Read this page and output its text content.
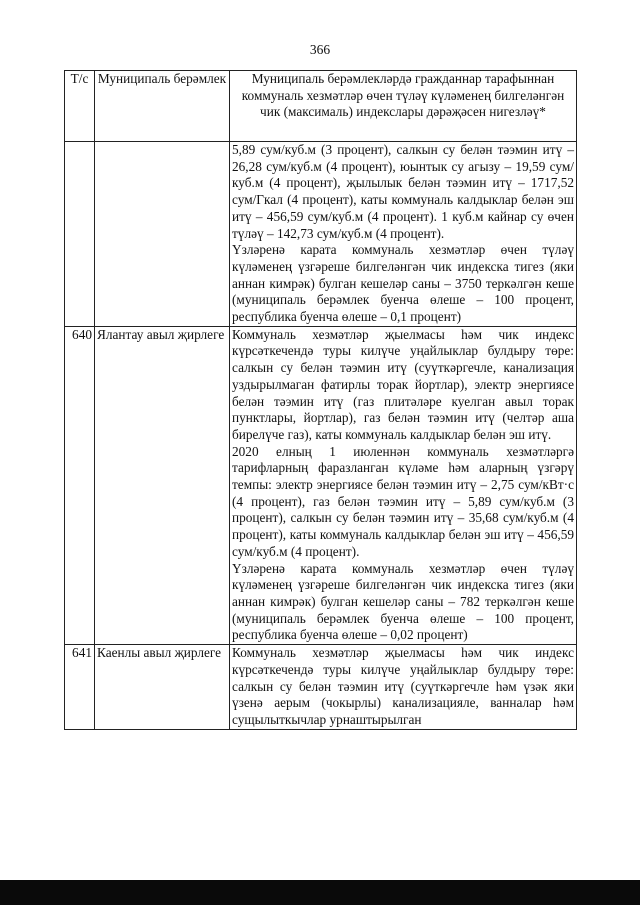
366
Т/с	Муниципаль берәмлек	Муниципаль берәмлекләрдә гражданнар тарафыннан коммуналь хезмәтләр өчен түләү күләменең билгеләнгән чик (максималь) индекслары дәрәҗәсен нигезләү*

		5,89 сум/куб.м (3 процент), салкын су белән тәэмин итү – 26,28 сум/куб.м (4 процент), юынтык су агызу – 19,59 сум/куб.м (4 процент), җылылык белән тәэмин итү – 1717,52 сум/Гкал (4 процент), каты коммуналь калдыклар белән эш итү – 456,59 сум/куб.м (4 процент). 1 куб.м кайнар су өчен түләү – 142,73 сум/куб.м (4 процент).

Үзләренә карата коммуналь хезмәтләр өчен түләү күләменең үзгәреше билгеләнгән чик индекска тигез (яки аннан кимрәк) булган кешеләр саны – 3750 теркәлгән кеше (муниципаль берәмлек буенча өлеше – 100 процент, республика буенча өлеше – 0,1 процент)

640	Ялантау авыл җирлеге	Коммуналь хезмәтләр җыелмасы һәм чик индекс күрсәткечендә туры килүче уңайлыклар булдыру төре: салкын су белән тәэмин итү (суүткәргечле, канализация уздырылмаган фатирлы торак йортлар), электр энергиясе белән тәэмин итү (газ плитәләре куелган авыл торак пунктлары, йортлар), газ белән тәэмин итү (челтәр аша бирелүче газ), каты коммуналь калдыклар белән эш итү.

2020 елның 1 июленнән коммуналь хезмәтләргә тарифларның фаразланган күләме һәм аларның үзгәрү темпы: электр энергиясе белән тәэмин итү – 2,75 сум/кВт·с (4 процент), газ белән тәэмин итү – 5,89 сум/куб.м (3 процент), салкын су белән тәэмин итү – 35,68 сум/куб.м (4 процент), каты коммуналь калдыклар белән эш итү – 456,59 сум/куб.м (4 процент).

Үзләренә карата коммуналь хезмәтләр өчен түләү күләменең үзгәреше билгеләнгән чик индекска тигез (яки аннан кимрәк) булган кешеләр саны – 782 теркәлгән кеше (муниципаль берәмлек буенча өлеше – 100 процент, республика буенча өлеше – 0,02 процент)

641	Каенлы авыл җирлеге	Коммуналь хезмәтләр җыелмасы һәм чик индекс күрсәткечендә туры килүче уңайлыклар булдыру төре: салкын су белән тәэмин итү (суүткәргечле һәм үзәк яки үзенә аерым (чокырлы) канализацияле, ванналар һәм сущылыткычлар урнаштырылган
